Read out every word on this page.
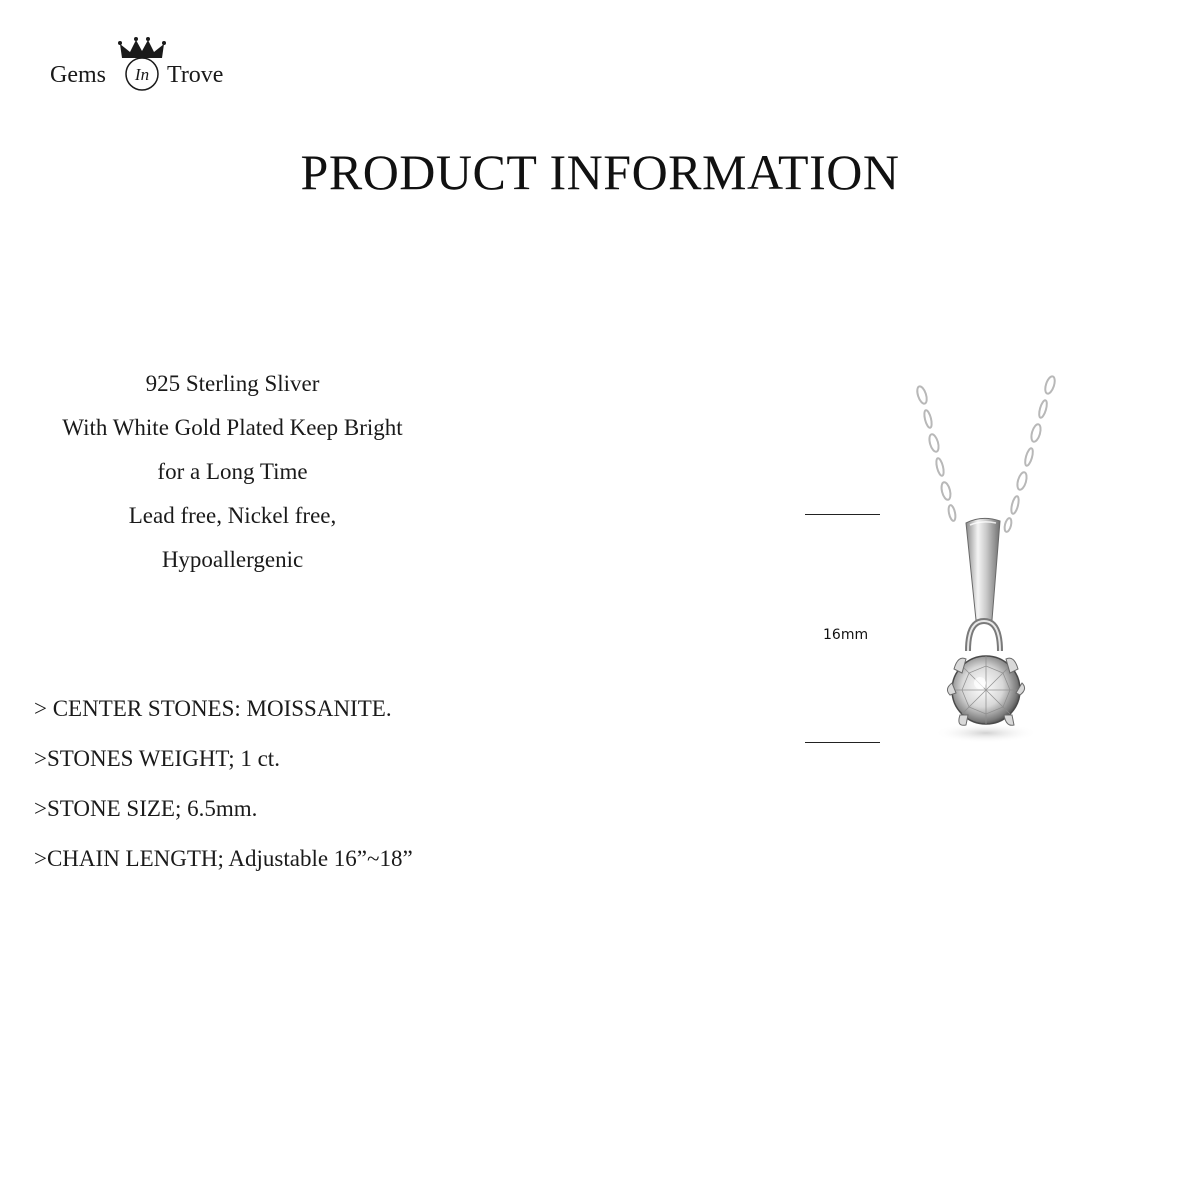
Gems In Trove
PRODUCT INFORMATION
925 Sterling Sliver
With White Gold Plated Keep Bright
for a Long Time
Lead free, Nickel free,
Hypoallergenic
> CENTER STONES: MOISSANITE.
>STONES WEIGHT; 1 ct.
>STONE SIZE; 6.5mm.
>CHAIN LENGTH; Adjustable 16”~18”
16mm
